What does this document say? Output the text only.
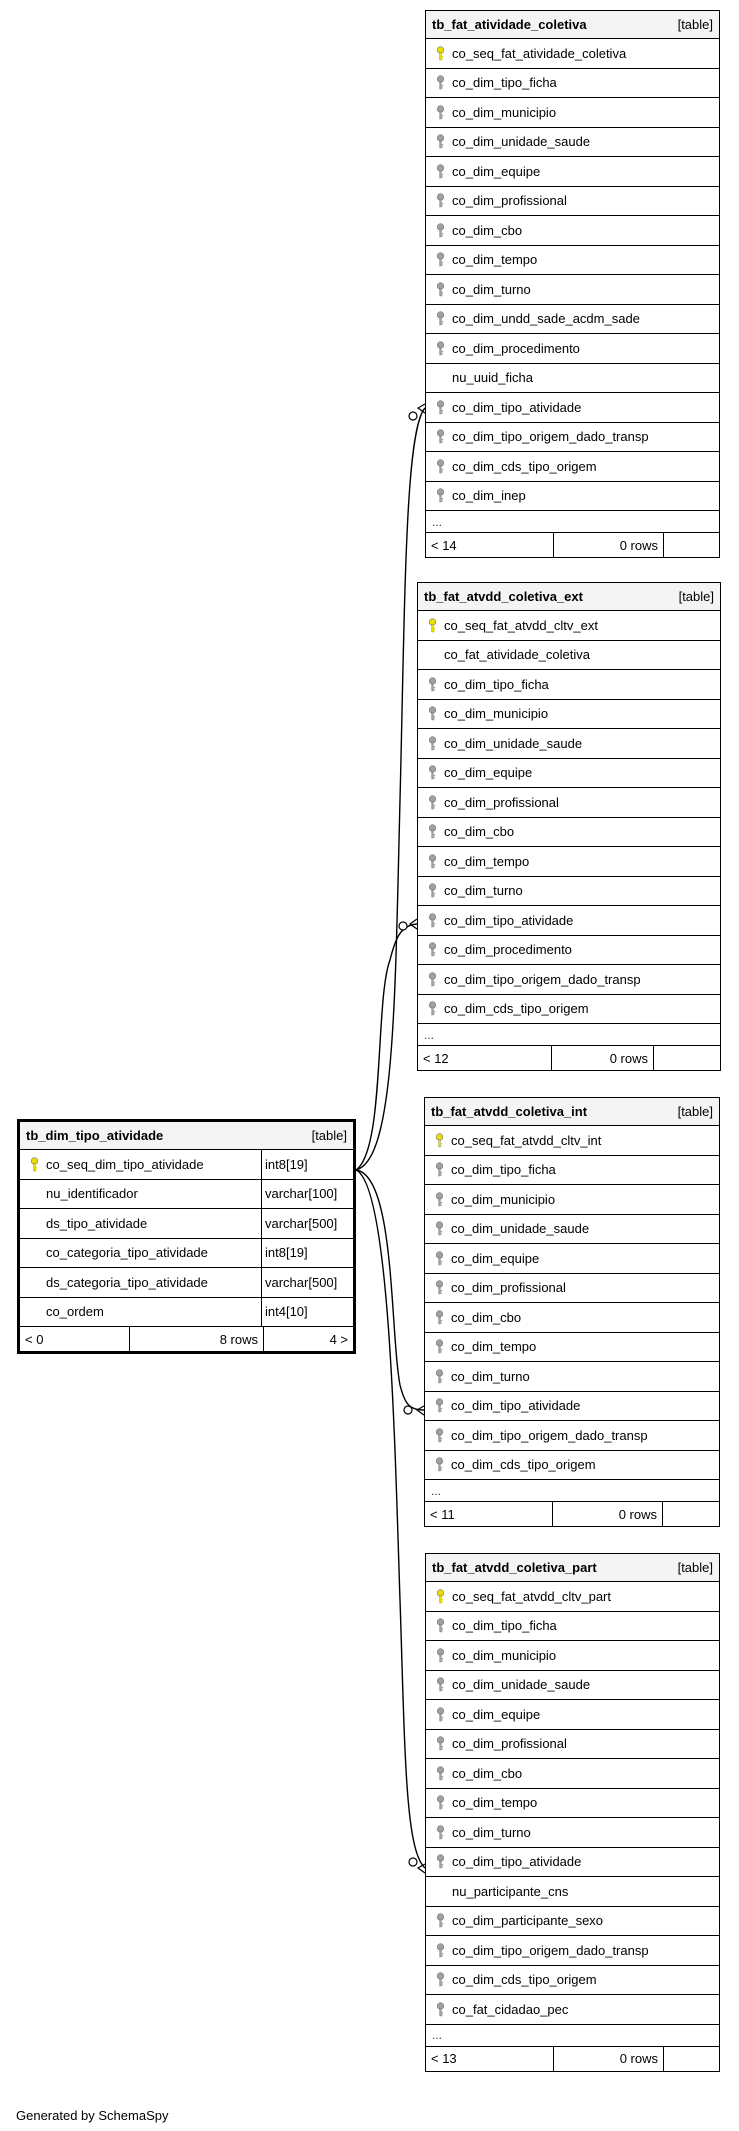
tb_fat_atividade_coletiva	[table]
co_seq_fat_atividade_coletiva
co_dim_tipo_ficha
co_dim_municipio
co_dim_unidade_saude
co_dim_equipe
co_dim_profissional
co_dim_cbo
co_dim_tempo
co_dim_turno
co_dim_undd_sade_acdm_sade
co_dim_procedimento
nu_uuid_ficha
co_dim_tipo_atividade
co_dim_tipo_origem_dado_transp
co_dim_cds_tipo_origem
co_dim_inep
...
< 14	0 rows
tb_fat_atvdd_coletiva_ext	[table]
co_seq_fat_atvdd_cltv_ext
co_fat_atividade_coletiva
co_dim_tipo_ficha
co_dim_municipio
co_dim_unidade_saude
co_dim_equipe
co_dim_profissional
co_dim_cbo
co_dim_tempo
co_dim_turno
co_dim_tipo_atividade
co_dim_procedimento
co_dim_tipo_origem_dado_transp
co_dim_cds_tipo_origem
...
< 12	0 rows
tb_fat_atvdd_coletiva_int	[table]
co_seq_fat_atvdd_cltv_int
co_dim_tipo_ficha
co_dim_municipio
co_dim_unidade_saude
co_dim_equipe
co_dim_profissional
co_dim_cbo
co_dim_tempo
co_dim_turno
co_dim_tipo_atividade
co_dim_tipo_origem_dado_transp
co_dim_cds_tipo_origem
...
< 11	0 rows
tb_fat_atvdd_coletiva_part	[table]
co_seq_fat_atvdd_cltv_part
co_dim_tipo_ficha
co_dim_municipio
co_dim_unidade_saude
co_dim_equipe
co_dim_profissional
co_dim_cbo
co_dim_tempo
co_dim_turno
co_dim_tipo_atividade
nu_participante_cns
co_dim_participante_sexo
co_dim_tipo_origem_dado_transp
co_dim_cds_tipo_origem
co_fat_cidadao_pec
...
< 13	0 rows
tb_dim_tipo_atividade	[table]
co_seq_dim_tipo_atividade	int8[19]
nu_identificador	varchar[100]
ds_tipo_atividade	varchar[500]
co_categoria_tipo_atividade	int8[19]
ds_categoria_tipo_atividade	varchar[500]
co_ordem	int4[10]
< 0	8 rows	4 >
Generated by SchemaSpy
